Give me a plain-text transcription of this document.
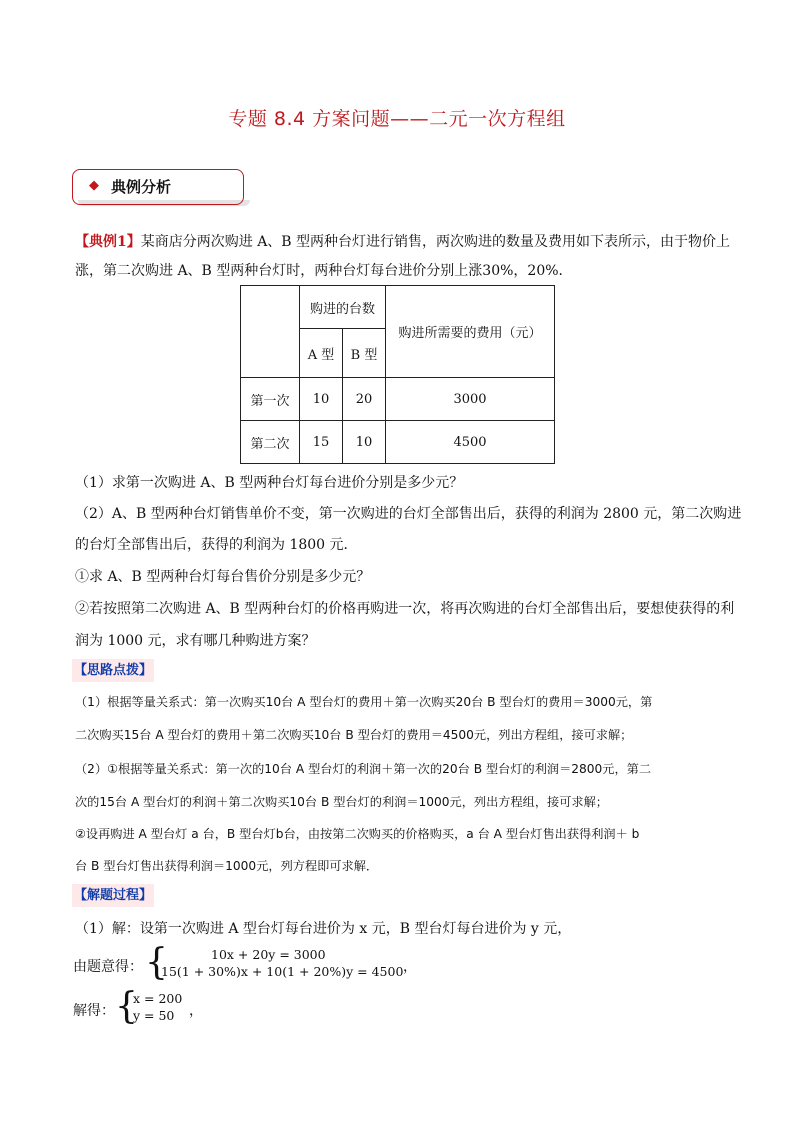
专题 8.4 方案问题——二元一次方程组
◆ 典例分析
【典例1】某商店分两次购进 A、B 型两种台灯进行销售，两次购进的数量及费用如下表所示，由于物价上
涨，第二次购进 A、B 型两种台灯时，两种台灯每台进价分别上涨30%，20%．
	购进的台数		购进所需要的费用（元）
	A 型	B 型	
第一次	10	20	3000
第二次	15	10	4500
（1）求第一次购进 A、B 型两种台灯每台进价分别是多少元？
（2）A、B 型两种台灯销售单价不变，第一次购进的台灯全部售出后，获得的利润为 2800 元，第二次购进
的台灯全部售出后，获得的利润为 1800 元．
①求 A、B 型两种台灯每台售价分别是多少元？
②若按照第二次购进 A、B 型两种台灯的价格再购进一次，将再次购进的台灯全部售出后，要想使获得的利
润为 1000 元，求有哪几种购进方案？
【思路点拨】
（1）根据等量关系式：第一次购买10台 A 型台灯的费用＋第一次购买20台 B 型台灯的费用＝3000元，第
二次购买15台 A 型台灯的费用＋第二次购买10台 B 型台灯的费用＝4500元，列出方程组，接可求解；
（2）①根据等量关系式：第一次的10台 A 型台灯的利润＋第一次的20台 B 型台灯的利润＝2800元，第二
次的15台 A 型台灯的利润＋第二次购买10台 B 型台灯的利润＝1000元，列出方程组，接可求解；
②设再购进 A 型台灯 a 台，B 型台灯b台，由按第二次购买的价格购买，a 台 A 型台灯售出获得利润＋ b
台 B 型台灯售出获得利润＝1000元，列方程即可求解．
【解题过程】
（1）解：设第一次购进 A 型台灯每台进价为 x 元，B 型台灯每台进价为 y 元，
由题意得： {	10x + 20y = 3000
15(1 + 30%)x + 10(1 + 20%)y = 4500 ，
解得： {
x = 200
y = 50 ，
